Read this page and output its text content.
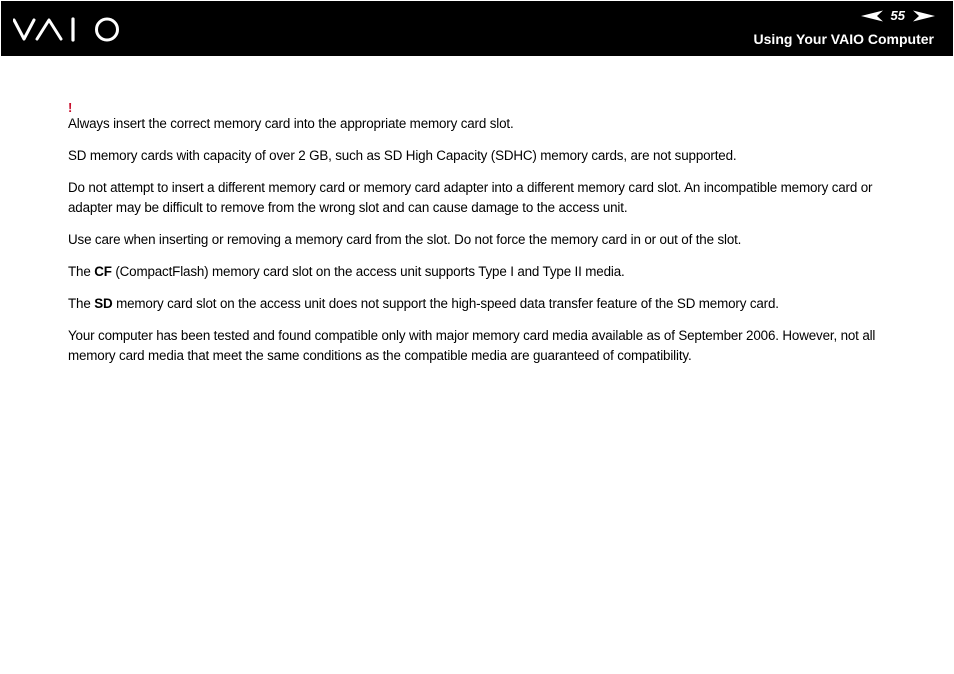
55
Using Your VAIO Computer
!

Always insert the correct memory card into the appropriate memory card slot.

SD memory cards with capacity of over 2 GB, such as SD High Capacity (SDHC) memory cards, are not supported.

Do not attempt to insert a different memory card or memory card adapter into a different memory card slot. An incompatible memory card or adapter may be difficult to remove from the wrong slot and can cause damage to the access unit.

Use care when inserting or removing a memory card from the slot. Do not force the memory card in or out of the slot.

The CF (CompactFlash) memory card slot on the access unit supports Type I and Type II media.

The SD memory card slot on the access unit does not support the high-speed data transfer feature of the SD memory card.

Your computer has been tested and found compatible only with major memory card media available as of September 2006. However, not all memory card media that meet the same conditions as the compatible media are guaranteed of compatibility.
